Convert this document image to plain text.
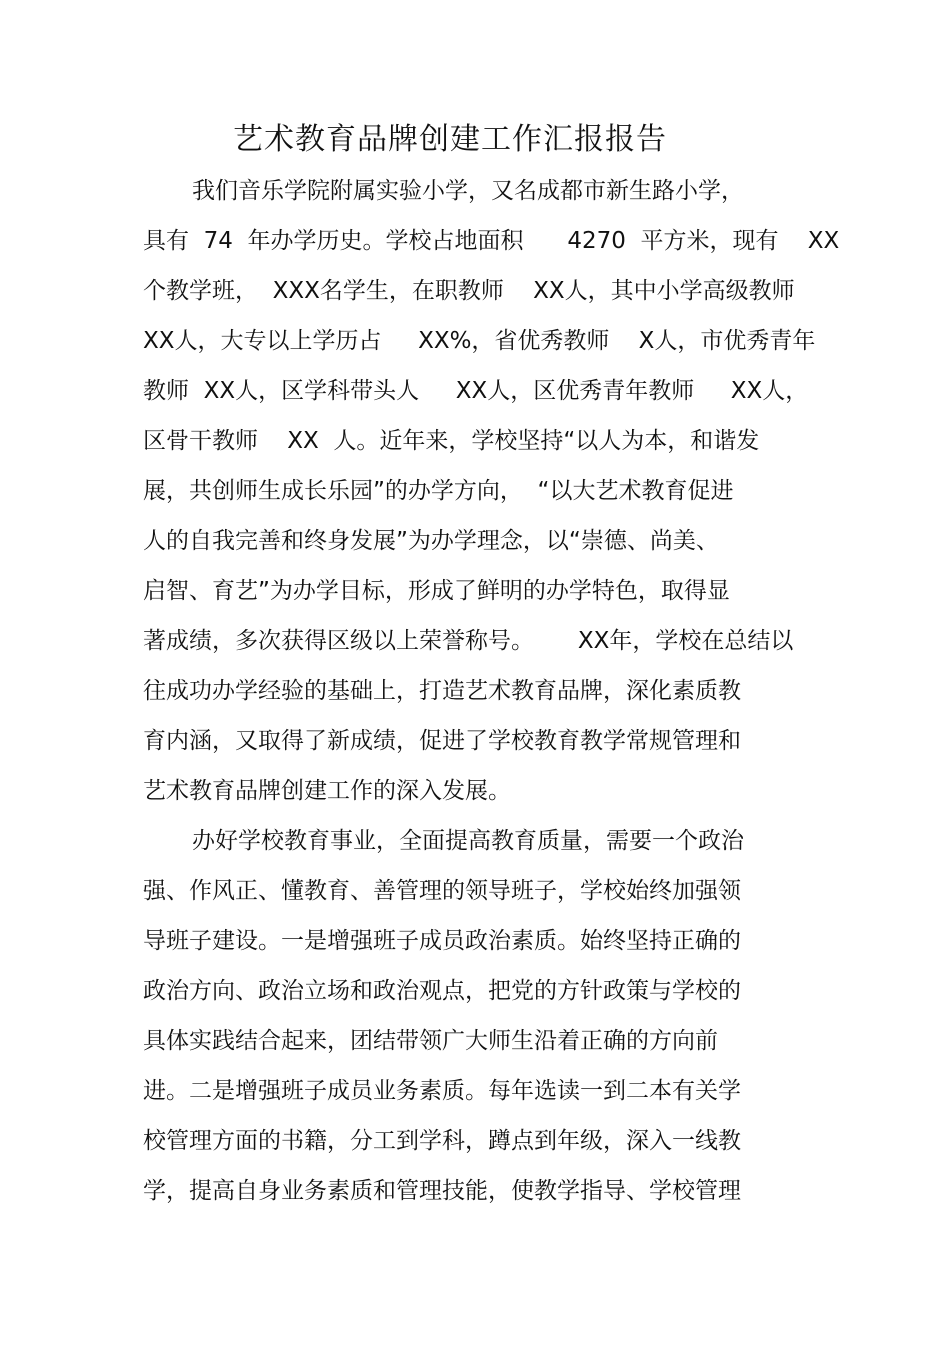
艺术教育品牌创建工作汇报报告

我们音乐学院附属实验小学，又名成都市新生路小学，

具有  74  年办学历史。学校占地面积      4270  平方米，现有    XX

个教学班，  XXX名学生，在职教师    XX人，其中小学高级教师

XX人，大专以上学历占     XX%，省优秀教师    X人，市优秀青年

教师  XX人，区学科带头人     XX人，区优秀青年教师     XX人，

区骨干教师    XX  人。近年来，学校坚持“以人为本，和谐发

展，共创师生成长乐园”的办学方向，  “以大艺术教育促进

人的自我完善和终身发展”为办学理念，以“崇德、尚美、

启智、育艺”为办学目标，形成了鲜明的办学特色，取得显

著成绩，多次获得区级以上荣誉称号。      XX年，学校在总结以

往成功办学经验的基础上，打造艺术教育品牌，深化素质教

育内涵，又取得了新成绩，促进了学校教育教学常规管理和

艺术教育品牌创建工作的深入发展。

办好学校教育事业，全面提高教育质量，需要一个政治

强、作风正、懂教育、善管理的领导班子，学校始终加强领

导班子建设。一是增强班子成员政治素质。始终坚持正确的

政治方向、政治立场和政治观点，把党的方针政策与学校的

具体实践结合起来，团结带领广大师生沿着正确的方向前

进。二是增强班子成员业务素质。每年选读一到二本有关学

校管理方面的书籍，分工到学科，蹲点到年级，深入一线教

学，提高自身业务素质和管理技能，使教学指导、学校管理
